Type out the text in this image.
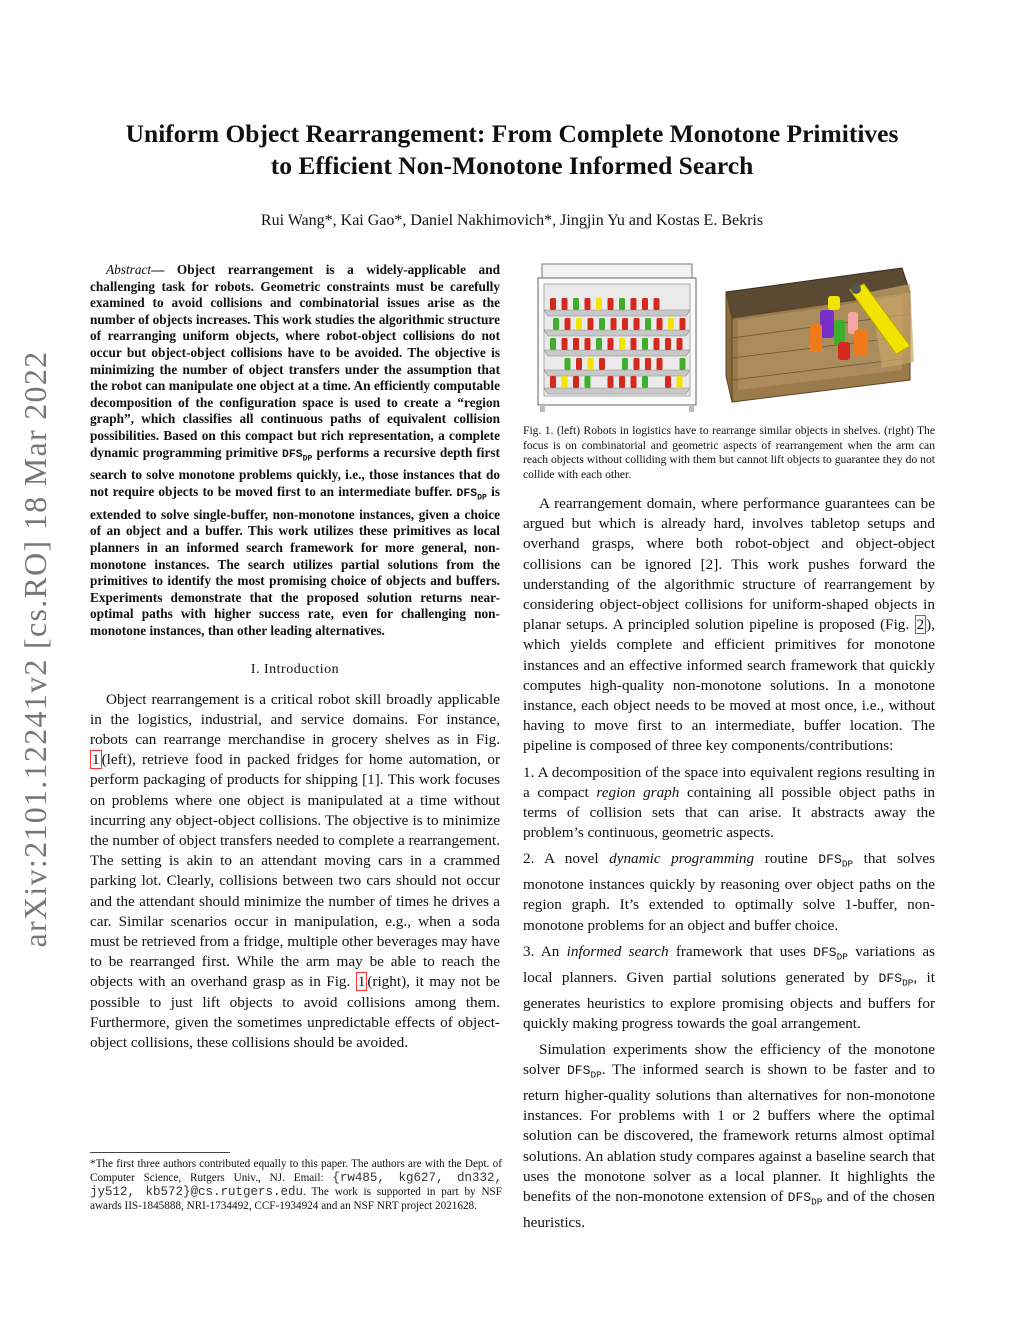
Uniform Object Rearrangement: From Complete Monotone Primitives
to Efficient Non-Monotone Informed Search
Rui Wang*, Kai Gao*, Daniel Nakhimovich*, Jingjin Yu and Kostas E. Bekris
arXiv:2101.12241v2 [cs.RO] 18 Mar 2022

Abstract— Object rearrangement is a widely-applicable and challenging task for robots. Geometric constraints must be carefully examined to avoid collisions and combinatorial issues arise as the number of objects increases. This work studies the algorithmic structure of rearranging uniform objects, where robot-object collisions do not occur but object-object collisions have to be avoided. The objective is minimizing the number of object transfers under the assumption that the robot can manipulate one object at a time. An efficiently computable decomposition of the configuration space is used to create a “region graph”, which classifies all continuous paths of equivalent collision possibilities. Based on this compact but rich representation, a complete dynamic programming primitive $DFS_{DP}$ performs a recursive depth first search to solve monotone problems quickly, i.e., those instances that do not require objects to be moved first to an intermediate buffer. $DFS_{DP}$ is extended to solve single-buffer, non-monotone instances, given a choice of an object and a buffer. This work utilizes these primitives as local planners in an informed search framework for more general, non-monotone instances. The search utilizes partial solutions from the primitives to identify the most promising choice of objects and buffers. Experiments demonstrate that the proposed solution returns near-optimal paths with higher success rate, even for challenging non-monotone instances, than other leading alternatives.

I. Introduction

Object rearrangement is a critical robot skill broadly applicable in the logistics, industrial, and service domains. For instance, robots can rearrange merchandise in grocery shelves as in Fig. 1 (left), retrieve food in packed fridges for home automation, or perform packaging of products for shipping [1]. This work focuses on problems where one object is manipulated at a time without incurring any object-object collisions. The objective is to minimize the number of object transfers needed to complete a rearrangement. The setting is akin to an attendant moving cars in a crammed parking lot. Clearly, collisions between two cars should not occur and the attendant should minimize the number of times he drives a car. Similar scenarios occur in manipulation, e.g., when a soda must be retrieved from a fridge, multiple other beverages may have to be rearranged first. While the arm may be able to reach the objects with an overhand grasp as in Fig. 1 (right), it may not be possible to just lift objects to avoid collisions among them. Furthermore, given the sometimes unpredictable effects of object-object collisions, these collisions should be avoided.

*The first three authors contributed equally to this paper. The authors are with the Dept. of Computer Science, Rutgers Univ., NJ. Email: {rw485, kg627, dn332, jy512, kb572}@cs.rutgers.edu. The work is supported in part by NSF awards IIS-1845888, NRI-1734492, CCF-1934924 and an NSF NRT project 2021628.
Fig. 1. (left) Robots in logistics have to rearrange similar objects in shelves. (right) The focus is on combinatorial and geometric aspects of rearrangement when the arm can reach objects without colliding with them but cannot lift objects to guarantee they do not collide with each other.

A rearrangement domain, where performance guarantees can be argued but which is already hard, involves tabletop setups and overhand grasps, where both robot-object and object-object collisions can be ignored [2]. This work pushes forward the understanding of the algorithmic structure of rearrangement by considering object-object collisions for uniform-shaped objects in planar setups. A principled solution pipeline is proposed (Fig. 2 ), which yields complete and efficient primitives for monotone instances and an effective informed search framework that quickly computes high-quality non-monotone solutions. In a monotone instance, each object needs to be moved at most once, i.e., without having to move first to an intermediate, buffer location. The pipeline is composed of three key components/contributions:

1. A decomposition of the space into equivalent regions resulting in a compact region graph containing all possible object paths in terms of collision sets that can arise. It abstracts away the problem’s continuous, geometric aspects.

2. A novel dynamic programming routine $DFS_{DP}$ that solves monotone instances quickly by reasoning over object paths on the region graph. It’s extended to optimally solve 1-buffer, non-monotone problems for an object and buffer choice.

3. An informed search framework that uses $DFS_{DP}$ variations as local planners. Given partial solutions generated by $DFS_{DP}$, it generates heuristics to explore promising objects and buffers for quickly making progress towards the goal arrangement.

Simulation experiments show the efficiency of the monotone solver $DFS_{DP}$. The informed search is shown to be faster and to return higher-quality solutions than alternatives for non-monotone instances. For problems with 1 or 2 buffers where the optimal solution can be discovered, the framework returns almost optimal solutions. An ablation study compares against a baseline search that uses the monotone solver as a local planner. It highlights the benefits of the non-monotone extension of $DFS_{DP}$ and of the chosen heuristics.
